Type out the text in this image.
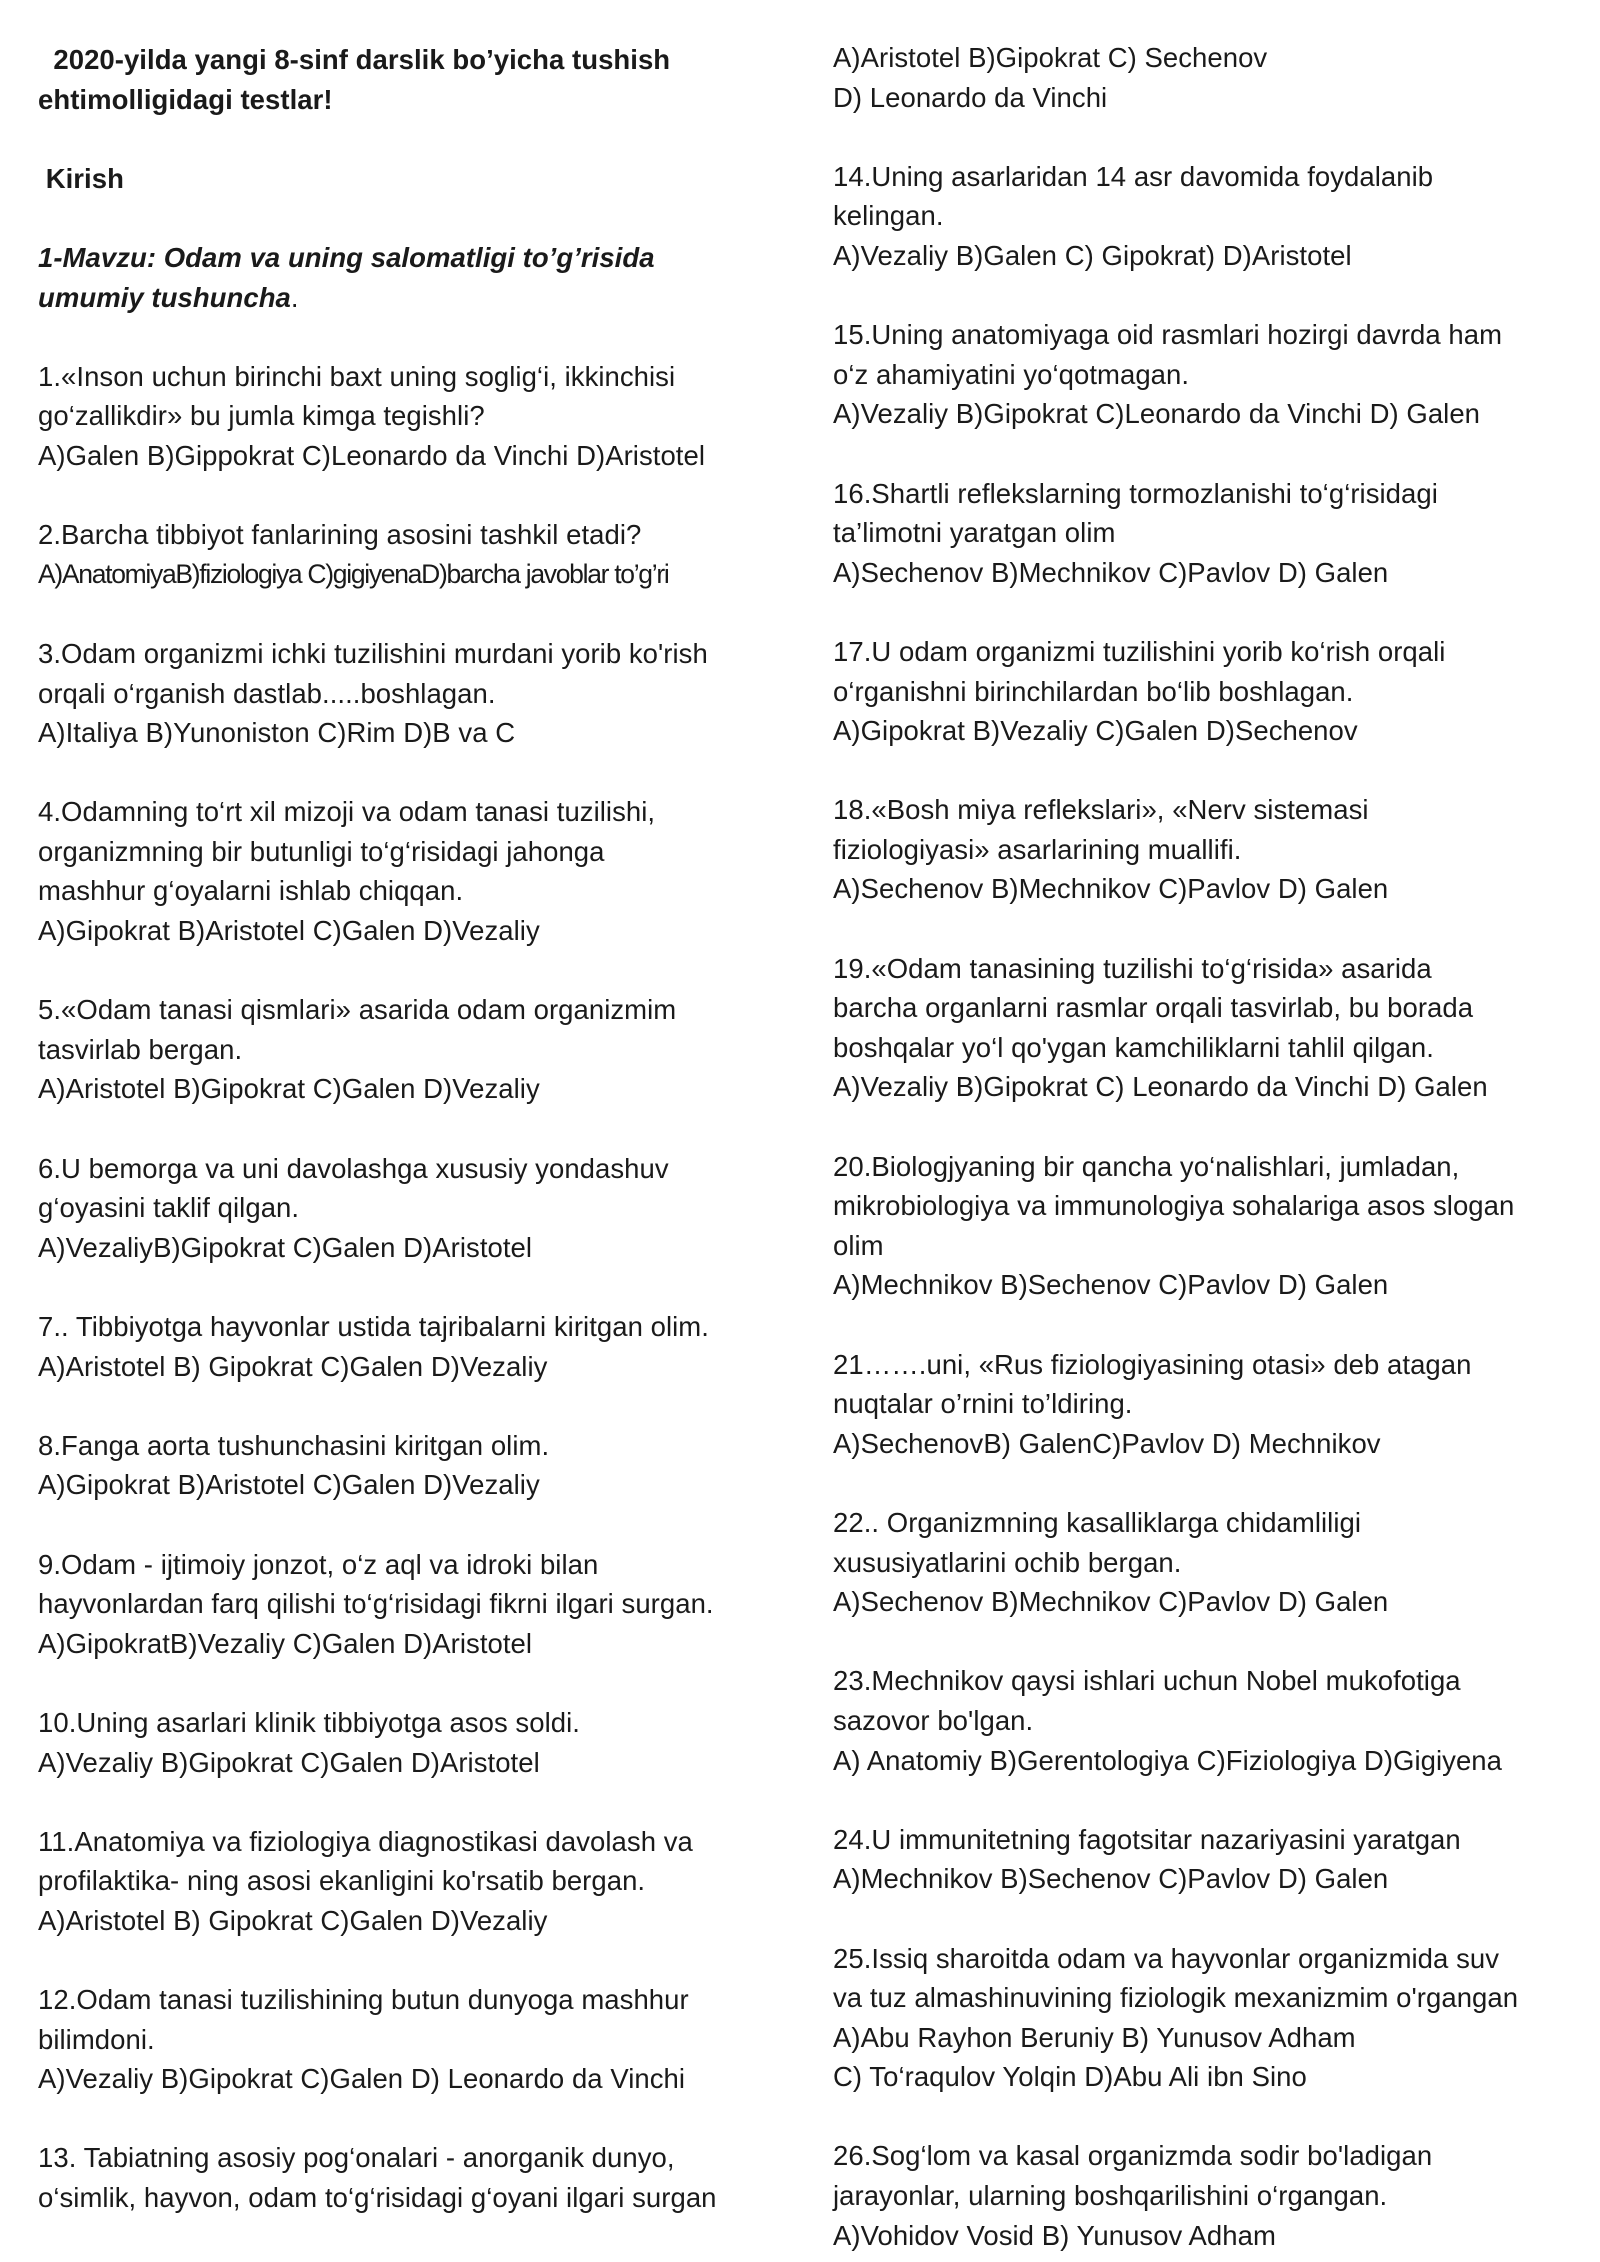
2020-yilda yangi 8-sinf darslik bo’yicha tushish
ehtimolligidagi testlar!
Kirish
1-Mavzu: Odam va uning salomatligi to’g’risida
umumiy tushuncha.
1.«Inson uchun birinchi baxt uning soglig‘i, ikkinchisi
go‘zallikdir» bu jumla kimga tegishli?
A)Galen B)Gippokrat C)Leonardo da Vinchi D)Aristotel
2.Barcha tibbiyot fanlarining asosini tashkil etadi?
A)AnatomiyaB)fiziologiya C)gigiyenaD)barcha javoblar to’g’ri
3.Odam organizmi ichki tuzilishini murdani yorib ko'rish
orqali o‘rganish dastlab.....boshlagan.
A)Italiya B)Yunoniston C)Rim D)B va C
4.Odamning to‘rt xil mizoji va odam tanasi tuzilishi,
organizmning bir butunligi to‘g‘risidagi jahonga
mashhur g‘oyalarni ishlab chiqqan.
A)Gipokrat B)Aristotel C)Galen D)Vezaliy
5.«Odam tanasi qismlari» asarida odam organizmim
tasvirlab bergan.
A)Aristotel B)Gipokrat C)Galen D)Vezaliy
6.U bemorga va uni davolashga xususiy yondashuv
g‘oyasini taklif qilgan.
A)VezaliyB)Gipokrat C)Galen D)Aristotel
7.. Tibbiyotga hayvonlar ustida tajribalarni kiritgan olim.
A)Aristotel B) Gipokrat C)Galen D)Vezaliy
8.Fanga aorta tushunchasini kiritgan olim.
A)Gipokrat B)Aristotel C)Galen D)Vezaliy
9.Odam - ijtimoiy jonzot, o‘z aql va idroki bilan
hayvonlardan farq qilishi to‘g‘risidagi fikrni ilgari surgan.
A)GipokratB)Vezaliy C)Galen D)Aristotel
10.Uning asarlari klinik tibbiyotga asos soldi.
A)Vezaliy B)Gipokrat C)Galen D)Aristotel
11.Anatomiya va fiziologiya diagnostikasi davolash va
profilaktika- ning asosi ekanligini ko'rsatib bergan.
A)Aristotel B) Gipokrat C)Galen D)Vezaliy
12.Odam tanasi tuzilishining butun dunyoga mashhur
bilimdoni.
A)Vezaliy B)Gipokrat C)Galen D) Leonardo da Vinchi
13. Tabiatning asosiy pog‘onalari - anorganik dunyo,
o‘simlik, hayvon, odam to‘g‘risidagi g‘oyani ilgari surgan
A)Aristotel B)Gipokrat C) Sechenov
D) Leonardo da Vinchi
14.Uning asarlaridan 14 asr davomida foydalanib
kelingan.
A)Vezaliy B)Galen C) Gipokrat) D)Aristotel
15.Uning anatomiyaga oid rasmlari hozirgi davrda ham
o‘z ahamiyatini yo‘qotmagan.
A)Vezaliy B)Gipokrat C)Leonardo da Vinchi D) Galen
16.Shartli reflekslarning tormozlanishi to‘g‘risidagi
ta’limotni yaratgan olim
A)Sechenov B)Mechnikov C)Pavlov D) Galen
17.U odam organizmi tuzilishini yorib ko‘rish orqali
o‘rganishni birinchilardan bo‘lib boshlagan.
A)Gipokrat B)Vezaliy C)Galen D)Sechenov
18.«Bosh miya reflekslari», «Nerv sistemasi
fiziologiyasi» asarlarining muallifi.
A)Sechenov B)Mechnikov C)Pavlov D) Galen
19.«Odam tanasining tuzilishi to‘g‘risida» asarida
barcha organlarni rasmlar orqali tasvirlab, bu borada
boshqalar yo‘l qo'ygan kamchiliklarni tahlil qilgan.
A)Vezaliy B)Gipokrat C) Leonardo da Vinchi D) Galen
20.Biologjyaning bir qancha yo‘nalishlari, jumladan,
mikrobiologiya va immunologiya sohalariga asos slogan
olim
A)Mechnikov B)Sechenov C)Pavlov D) Galen
21…….uni, «Rus fiziologiyasining otasi» deb atagan
nuqtalar o’rnini to’ldiring.
A)SechenovB) GalenC)Pavlov D) Mechnikov
22.. Organizmning kasalliklarga chidamliligi
xususiyatlarini ochib bergan.
A)Sechenov B)Mechnikov C)Pavlov D) Galen
23.Mechnikov qaysi ishlari uchun Nobel mukofotiga
sazovor bo'lgan.
A) Anatomiy B)Gerentologiya C)Fiziologiya D)Gigiyena
24.U immunitetning fagotsitar nazariyasini yaratgan
A)Mechnikov B)Sechenov C)Pavlov D) Galen
25.Issiq sharoitda odam va hayvonlar organizmida suv
va tuz almashinuvining fiziologik mexanizmim o'rgangan
A)Abu Rayhon Beruniy B) Yunusov Adham
C) To‘raqulov Yolqin D)Abu Ali ibn Sino
26.Sog‘lom va kasal organizmda sodir bo'ladigan
jarayonlar, ularning boshqarilishini o‘rgangan.
A)Vohidov Vosid B) Yunusov Adham
